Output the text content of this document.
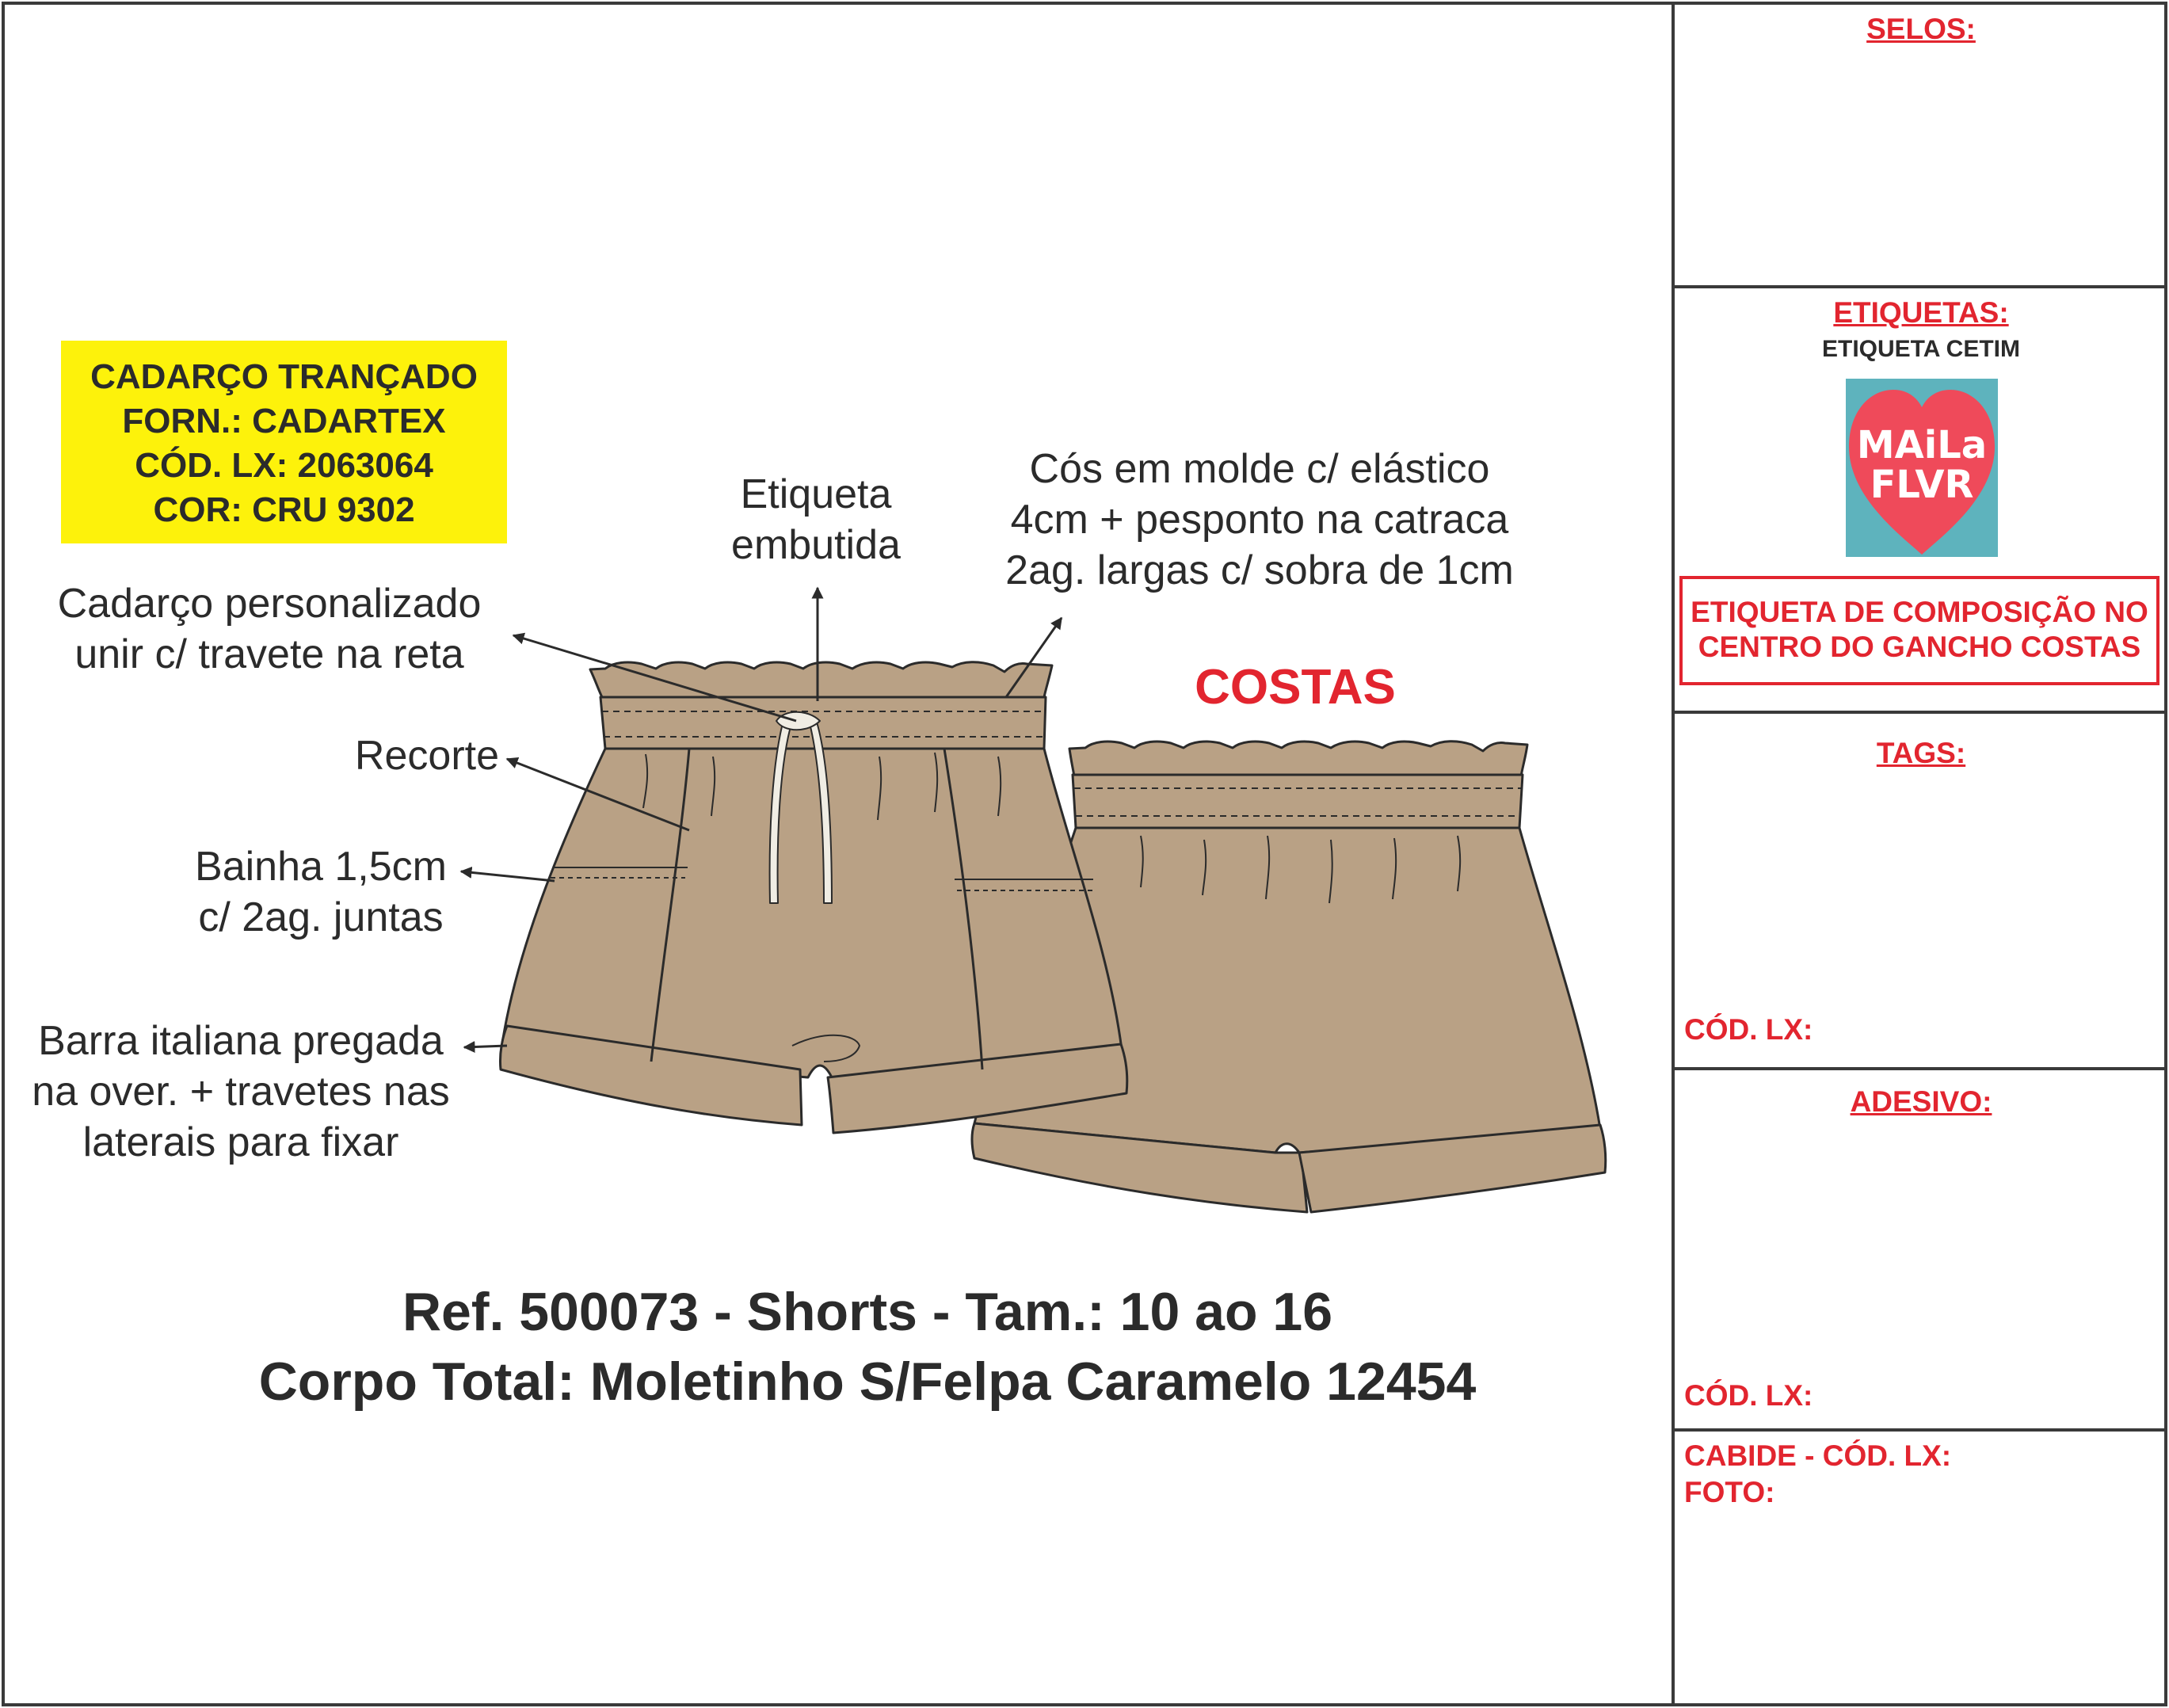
SELOS:
ETIQUETAS:
ETIQUETA CETIM
MAiLa
FLVR
ETIQUETA DE COMPOSIÇÃO NO
CENTRO DO GANCHO COSTAS
TAGS:
CÓD. LX:
ADESIVO:
CÓD. LX:
CABIDE - CÓD. LX:
FOTO:
CADARÇO TRANÇADO
FORN.: CADARTEX
CÓD. LX: 2063064
COR: CRU 9302	Etiqueta
embutida
Cós em molde c/ elástico
4cm + pesponto na catraca
2ag. largas c/ sobra de 1cm
Cadarço personalizado
unir c/ travete na reta
Recorte
Bainha 1,5cm
c/ 2ag. juntas
Barra italiana pregada
na over. + travetes nas
laterais para fixar
COSTAS
Ref. 500073 - Shorts - Tam.: 10 ao 16
Corpo Total: Moletinho S/Felpa Caramelo 12454
